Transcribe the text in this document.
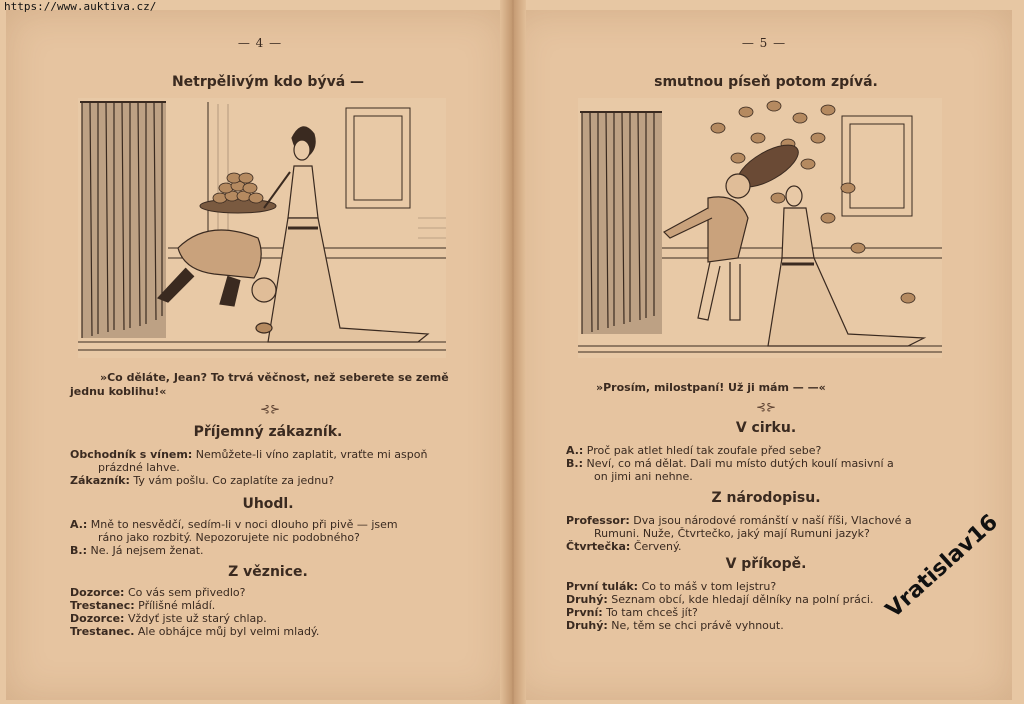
https://www.auktiva.cz/
— 4 —
Netrpělivým kdo bývá —
»Co děláte, Jean? To trvá věčnost, než seberete se země
jednu koblihu!«
⊰⊱
Příjemný zákazník.

Obchodník s vínem: Nemůžete-li víno zaplatit, vraťte mi aspoň

prázdné lahve.

Zákazník: Ty vám pošlu. Co zaplatíte za jednu?

Uhodl.

A.: Mně to nesvědčí, sedím-li v noci dlouho při pivě — jsem

ráno jako rozbitý. Nepozorujete nic podobného?

B.: Ne. Já nejsem ženat.

Z věznice.

Dozorce: Co vás sem přivedlo?

Trestanec: Přílišné mládí.

Dozorce: Vždyť jste už starý chlap.

Trestanec. Ale obhájce můj byl velmi mladý.

— 5 —
smutnou píseň potom zpívá.
»Prosím, milostpaní! Už ji mám — —«
⊰⊱
V cirku.

A.: Proč pak atlet hledí tak zoufale před sebe?

B.: Neví, co má dělat. Dali mu místo dutých koulí masivní a

on jimi ani nehne.

Z národopisu.

Professor: Dva jsou národové románští v naší říši, Vlachové a

Rumuni. Nuže, Čtvrtečko, jaký mají Rumuni jazyk?

Čtvrtečka: Červený.

V příkopě.

První tulák: Co to máš v tom lejstru?

Druhý: Seznam obcí, kde hledají dělníky na polní práci.

První: To tam chceš jít?

Druhý: Ne, těm se chci právě vyhnout.

Vratislav16
